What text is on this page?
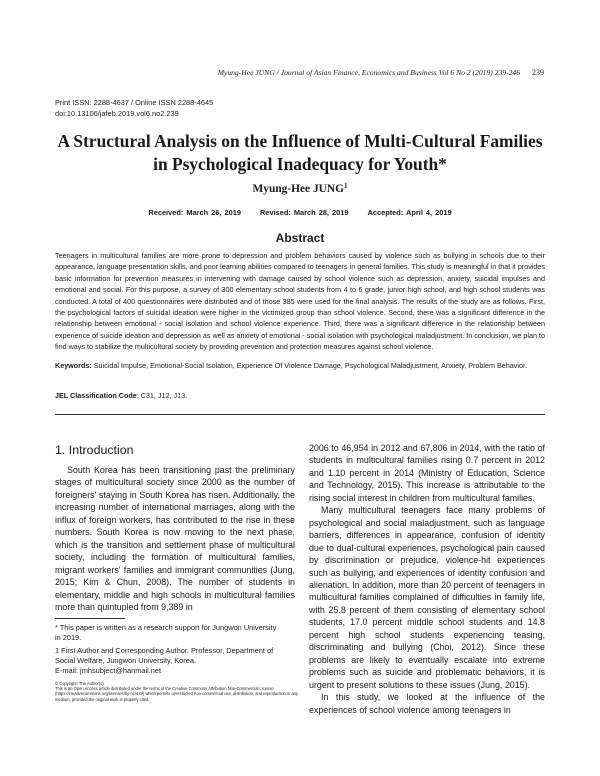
Myung-Hee JUNG / Journal of Asian Finance, Economics and Business Vol 6 No 2 (2019) 239-246 239
Print ISSN: 2288-4637 / Online ISSN 2288-4645
doi:10.13106/jafeb.2019.vol6.no2.239
A Structural Analysis on the Influence of Multi-Cultural Families
in Psychological Inadequacy for Youth*
Myung-Hee JUNG$^1$
Received: March 26, 2019	Revised: March 28, 2019	Accepted: April 4, 2019
Abstract
Teenagers in multicultural families are more prone to depression and problem behaviors caused by violence such as bullying in schools due to their appearance, language presentation skills, and poor learning abilities compared to teenagers in general families. This study is meaningful in that it provides basic information for prevention measures in intervening with damage caused by school violence such as depression, anxiety, suicidal impulses and emotional and social. For this purpose, a survey of 300 elementary school students from 4 to 6 grade, junior high school, and high school students was conducted. A total of 400 questionnaires were distributed and of those 385 were used for the final analysis. The results of the study are as follows. First, the psychological factors of suicidal ideation were higher in the victimized group than school violence. Second, there was a significant difference in the relationship between emotional - social isolation and school violence experience. Third, there was a significant difference in the relationship between experience of suicide ideation and depression as well as anxiety of emotional - social isolation with psychological maladjustment. In conclusion, we plan to find ways to stabilize the multicultural society by providing prevention and protection measures against school violence.
Keywords: Suicidal Impulse, Emotional-Social Isolation, Experience Of Violence Damage, Psychological Maladjustment, Anxiety, Problem Behavior.
JEL Classification Code: C31, J12, J13.
1. Introduction

South Korea has been transitioning past the preliminary stages of multicultural society since 2000 as the number of foreigners' staying in South Korea has risen. Additionally, the increasing number of international marriages, along with the influx of foreign workers, has contributed to the rise in these numbers. South Korea is now moving to the next phase, which is the transition and settlement phase of multicultural society, including the formation of multicultural families, migrant workers' families and immigrant communities (Jung, 2015; Kim & Chun, 2008). The number of students in elementary, middle and high schools in multicultural families more than quintupled from 9,389 in

2006 to 46,954 in 2012 and 67,806 in 2014, with the ratio of students in multicultural families rising 0.7 percent in 2012 and 1.10 percent in 2014 (Ministry of Education, Science and Technology, 2015). This increase is attributable to the rising social interest in children from multicultural families.

Many multicultural teenagers face many problems of psychological and social maladjustment, such as language barriers, differences in appearance, confusion of identity due to dual-cultural experiences, psychological pain caused by discrimination or prejudice, violence-hit experiences such as bullying, and experiences of identity confusion and alienation. In addition, more than 20 percent of teenagers in multicultural families complained of difficulties in family life, with 25.8 percent of them consisting of elementary school students, 17.0 percent middle school students and 14.8 percent high school students experiencing teasing, discriminating and bullying (Choi, 2012). Since these problems are likely to eventually escalate into extreme problems such as suicide and problematic behaviors, it is urgent to present solutions to these issues (Jung, 2015).

In this study, we looked at the influence of the experiences of school violence among teenagers in

* This paper is written as a research support for Jungwon University
in 2019.
1 First Author and Corresponding Author. Professor, Department of
Social Welfare, Jungwon University, Korea.
E-mail: jmhsubject@hanmail.net
© Copyright: The Author(s)
This is an Open Access article distributed under the terms of the Creative Commons Attribution Non-Commercial License (https://creativecommons.org/licenses/by-nc/4.0/) which permits unrestricted non-commercial use, distribution, and reproduction in any medium, provided the original work is properly cited.
